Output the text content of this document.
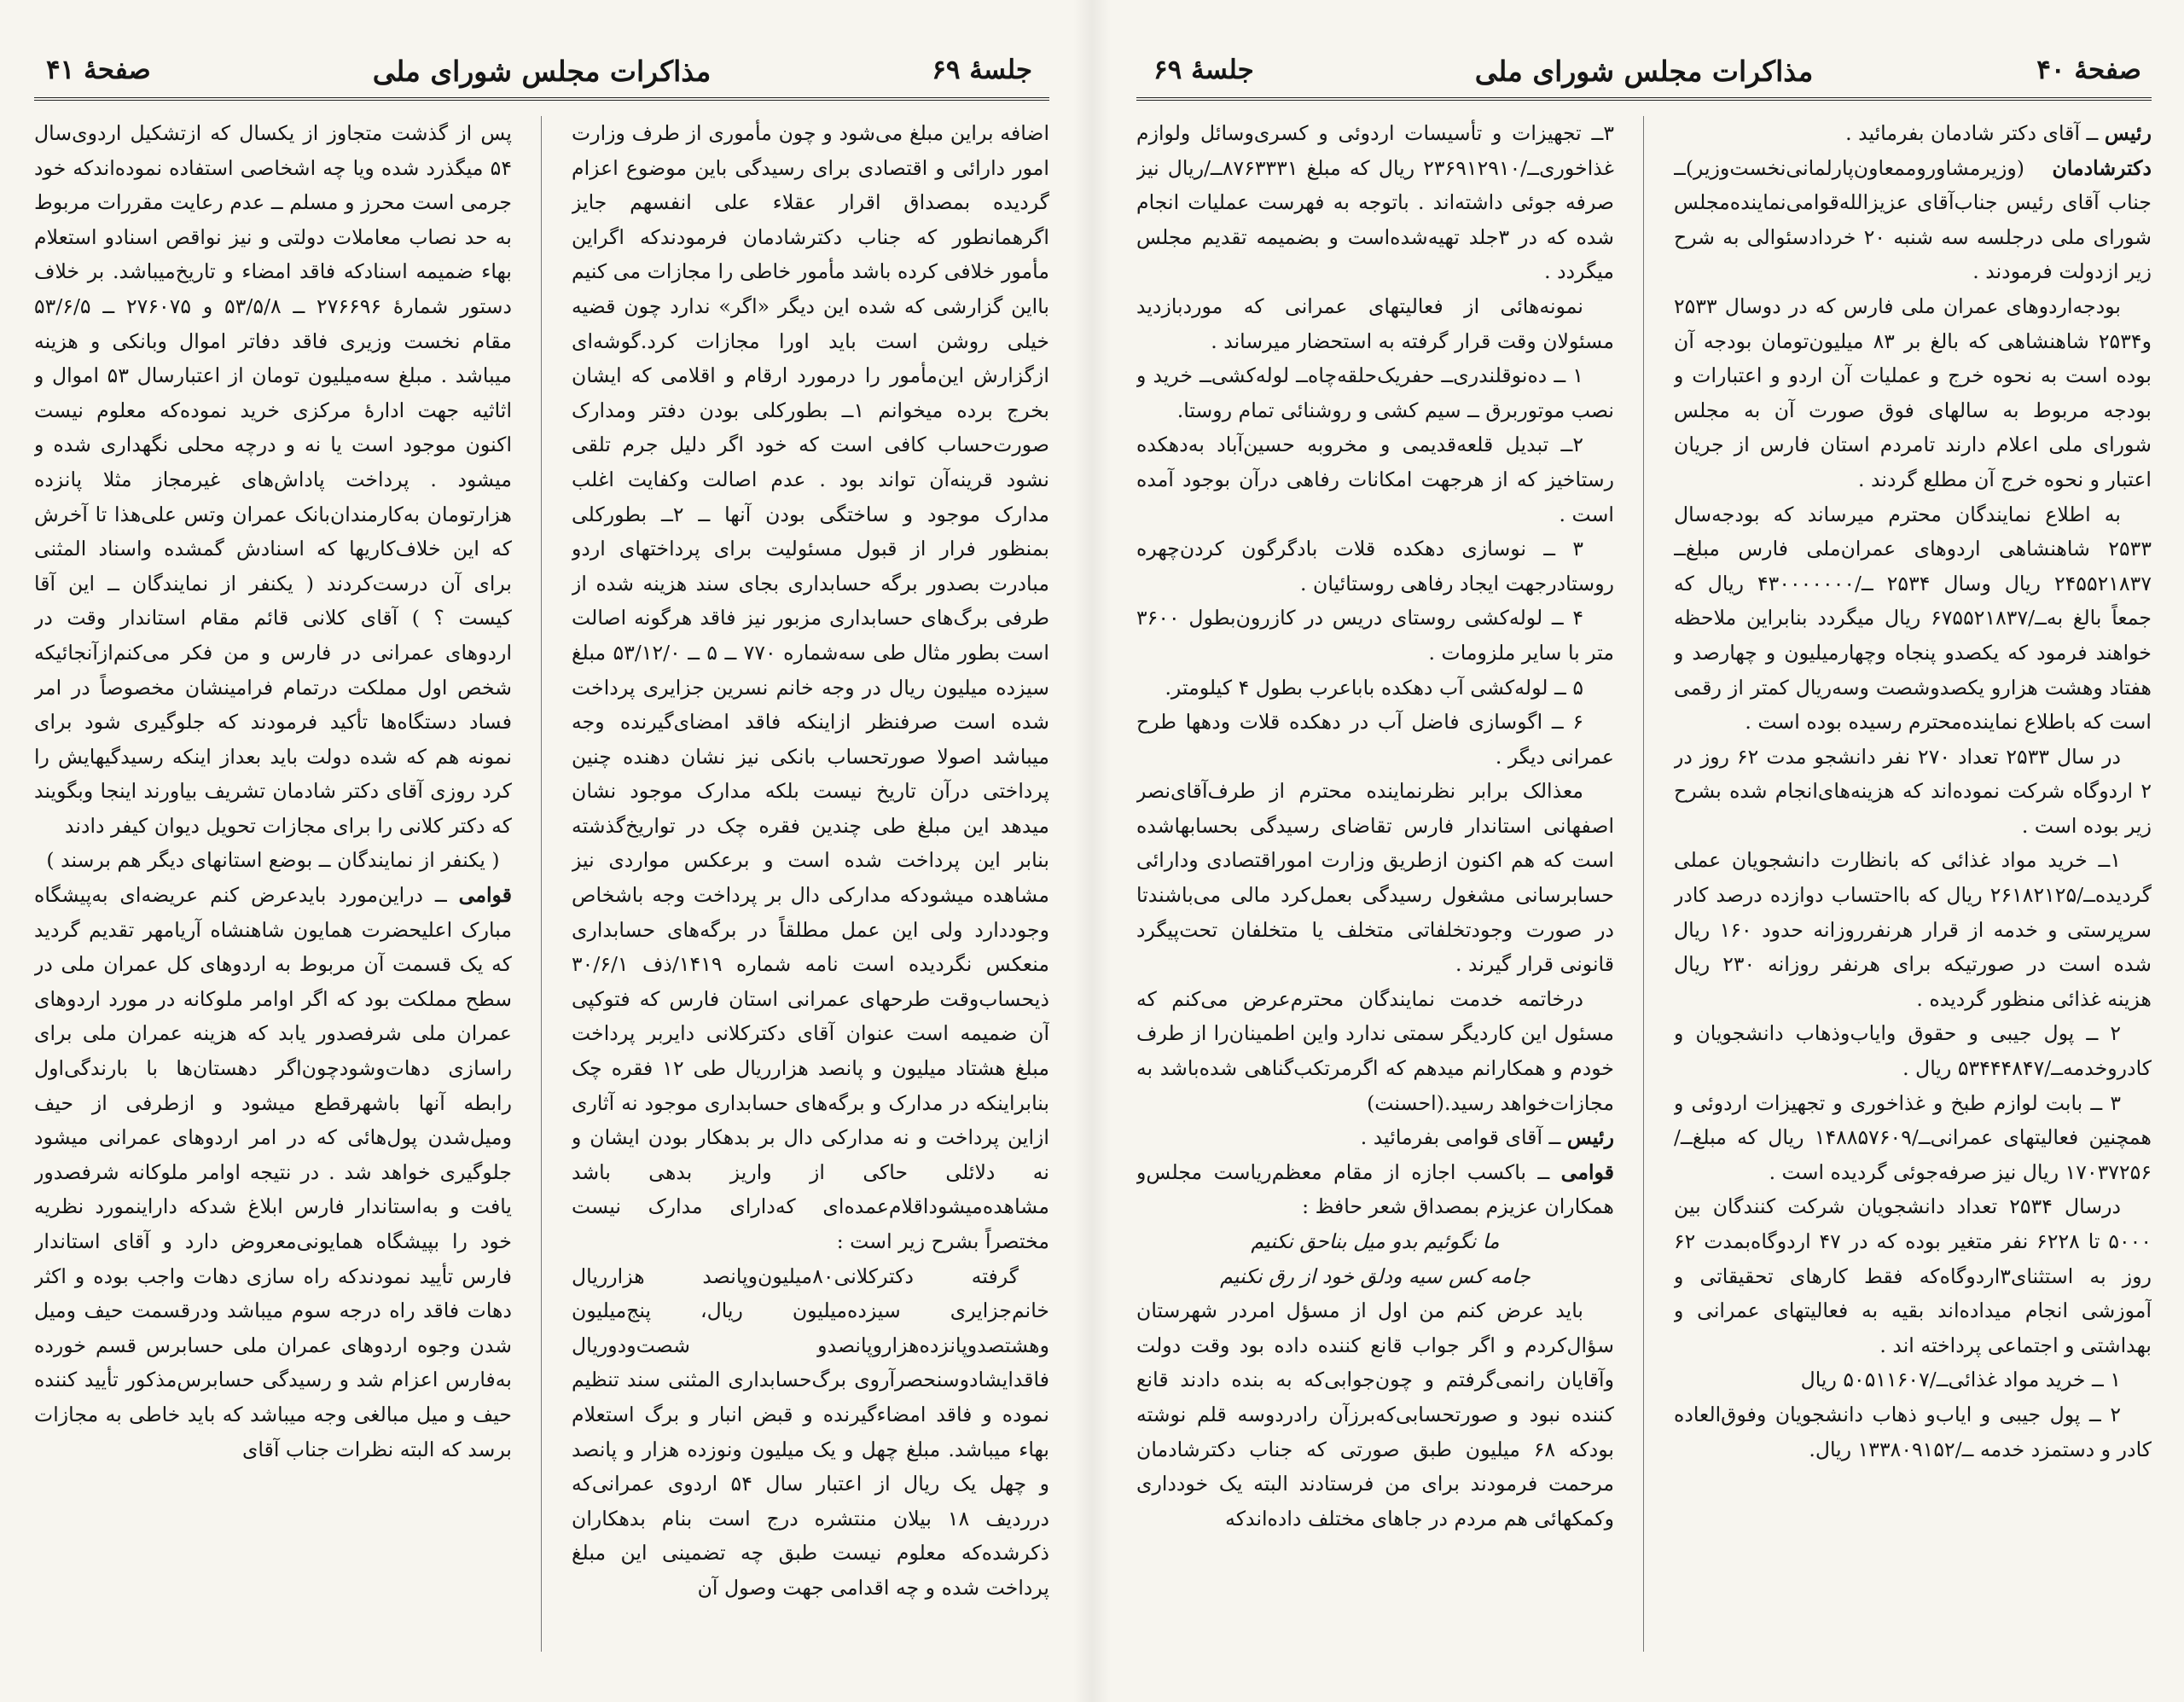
جلسهٔ ۶۹
مذاکرات مجلس شورای ملی
صفحهٔ ۴۱

اضافه براین مبلغ می‌شود و چون مأموری از طرف وزارت امور دارائی و اقتصادی برای رسیدگی باین موضوع اعزام گردیده بمصداق اقرار عقلاء علی انفسهم جایز اگرهمانطور که جناب دکترشادمان فرمودندکه اگراین مأمور خلافی کرده باشد مأمور خاطی را مجازات می کنیم بااین گزارشی که شده این دیگر «اگر» ندارد چون قضیه خیلی روشن است باید اورا مجازات کرد.گوشه‌ای ازگزارش این‌مأمور را درمورد ارقام و اقلامی که ایشان بخرج برده میخوانم ۱ــ بطورکلی بودن دفتر ومدارک صورت‌حساب کافی است که خود اگر دلیل جرم تلقی نشود قرینه‌آن تواند بود . عدم اصالت وکفایت اغلب مدارک موجود و ساختگی بودن آنها ــ ۲ــ بطورکلی بمنظور فرار از قبول مسئولیت برای پرداختهای اردو مبادرت بصدور برگه حسابداری بجای سند هزینه شده از طرفی برگ‌های حسابداری مزبور نیز فاقد هرگونه اصالت است بطور مثال طی سه‌شماره ۷۷۰ ــ ۵ ــ ۵۳/۱۲/۰ مبلغ سیزده میلیون ریال در وجه خانم نسرین جزایری پرداخت شده است صرفنظر ازاینکه فاقد امضای‌گیرنده وجه میباشد اصولا صورتحساب بانکی نیز نشان دهنده چنین پرداختی درآن تاریخ نیست بلکه مدارک موجود نشان میدهد این مبلغ طی چندین فقره چک در تواریخ‌گذشته بنابر این پرداخت شده است و برعکس مواردی نیز مشاهده میشودکه مدارکی دال بر پرداخت وجه باشخاص وجوددارد ولی این عمل مطلقاً در برگه‌های حسابداری منعکس نگردیده است نامه شماره ۱۴۱۹/ذف ۳۰/۶/۱ ذیحساب‌وقت طرحهای عمرانی استان فارس که فتوکپی آن ضمیمه است عنوان آقای دکترکلانی دایربر پرداخت مبلغ هشتاد میلیون و پانصد هزارریال طی ۱۲ فقره چک بنابراینکه در مدارک و برگه‌های حسابداری موجود نه آثاری ازاین پرداخت و نه مدارکی دال بر بدهکار بودن ایشان و نه دلائلی حاکی از واریز بدهی باشد مشاهده‌میشود‌اقلام‌عمده‌ای که‌دارای مدارک نیست مختصراً بشرح زیر است :

گرفته دکترکلانی‌۸۰میلیون‌وپانصد هزارریال خانم‌جزایری سیزده‌میلیون ریال، پنج‌میلیون وهشتصدوپانزده‌هزاروپانصدو شصت‌ودوریال فاقدایشادوسنحصرآروی برگ‌حسابداری المثنی سند تنظیم نموده و فاقد امضاء‌گیرنده و قبض انبار و برگ استعلام بهاء میباشد. مبلغ چهل و یک میلیون ونوزده هزار و پانصد و چهل یک ریال از اعتبار سال ۵۴ اردوی عمرانی‌که دررد‌یف ۱۸ بیلان منتشره درج است بنام بدهکاران ذکرشده‌که معلوم نیست طبق چه تضمینی این مبلغ پرداخت شده و چه اقدامی جهت وصول آن

پس از گذشت متجاوز از یکسال که ازتشکیل اردوی‌سال ۵۴ میگذرد شده ویا چه اشخاصی استفاده نموده‌اندکه خود جرمی است محرز و مسلم ــ عدم رعایت مقررات مربوط به حد نصاب معاملات دولتی و نیز نواقص اسنادو استعلام بهاء ضمیمه اسنادکه فاقد امضاء و تاریخ‌میباشد. بر خلاف دستور شمارهٔ ۲۷۶۶۹۶ ــ ۵۳/۵/۸ و ۲۷۶۰۷۵ ــ ۵۳/۶/۵ مقام نخست وزیری فاقد دفاتر اموال وبانکی و هزینه میباشد . مبلغ سه‌میلیون تومان از اعتبارسال ۵۳ اموال و اثاثیه جهت ادارهٔ مرکزی خرید نموده‌که معلوم نیست اکنون موجود است یا نه و درچه محلی نگهداری شده و میشود . پرداخت پاداش‌های غیرمجاز مثلا پانزده هزارتومان به‌کارمندان‌بانک عمران وتس علی‌هذا تا آخرش که این خلاف‌کاریها که اسنادش گمشده واسناد المثنی برای آن درست‌کردند ( یکنفر از نمایندگان ــ این آقا کیست ؟ ) آقای کلانی قائم مقام استاندار وقت در اردوهای عمرانی در فارس و من فکر می‌کنم‌ازآنجائیکه شخص اول مملکت درتمام فرامینشان مخصوصاً در امر فساد دستگاه‌ها تأکید فرمودند که جلوگیری شود برای نمونه هم که شده دولت باید بعداز اینکه رسیدگیهایش را کرد روزی آقای دکتر شادمان تشریف بیاورند اینجا وبگویند که دکتر کلانی را برای مجازات تحویل دیوان کیفر دادند

( یکنفر از نمایندگان ــ بوضع استانهای دیگر هم برسند )

قوامی ــ دراین‌مورد بایدعرض کنم عریضه‌ای به‌پیشگاه مبارک اعلیحضرت همایون شاهنشاه آریامهر تقدیم گردید که یک قسمت آن مربوط به اردوهای کل عمران ملی در سطح مملکت بود که اگر اوامر ملوکانه در مورد اردوهای عمران ملی شرفصدور یابد که هزینه عمران ملی برای راسازی دهات‌وشودچون‌اگر دهستان‌ها با بارندگی‌اول رابطه آنها باشهرقطع میشود و ازطرفی از حیف ومیل‌شدن پول‌هائی که در امر اردوهای عمرانی میشود جلوگیری خواهد شد . در نتیجه اوامر ملوکانه شرفصدور یافت و به‌استاندار فارس ابلاغ شدکه دارا‌ینمورد نظریه خود را بپیشگاه همایونی‌معروض دارد و آقای استاندار فارس تأیید نمودندکه راه سازی دهات واجب بوده و اکثر دهات فاقد راه درجه سوم میباشد ودرقسمت حیف ومیل شدن وجوه اردوهای عمران ملی حسابرس قسم خورده به‌فارس اعزام شد و رسیدگی حسابرس‌مذکور تأیید کننده حیف و میل مبالغی وجه میباشد که باید خاطی به مجازات برسد که البته نظرات جناب آقای

صفحهٔ ۴۰
مذاکرات مجلس شورای ملی
جلسهٔ ۶۹

رئیس ــ آقای دکتر شادمان بفرمائید .

دکترشادمان (وزیرمشاوروممعاون‌پارلمانی‌نخست‌وزیر)ــ جناب آقای رئیس جناب‌آقای عزیزالله‌قوامی‌نماینده‌مجلس شورای ملی درجلسه سه شنبه ۲۰ خردادسئوالی به شرح زیر ازدولت فرمودند .

بودجه‌اردوهای عمران ملی فارس که در دوسال ۲۵۳۳ و۲۵۳۴ شاهنشاهی که بالغ بر ۸۳ میلیون‌تومان بودجه آن بوده است به نحوه خرج و عملیات آن اردو و اعتبارات و بودجه مربوط به سالهای فوق صورت آن به مجلس شورای ملی اعلام دارند تامردم استان فارس از جریان اعتبار و نحوه خرج آن مطلع گردند .

به اطلاع نمایندگان محترم میرساند که بودجه‌سال ۲۵۳۳ شاهنشاهی اردوهای عمران‌ملی فارس مبلغ‌ــ ۲۴۵۵۲۱۸۳۷ ریال وسال ۲۵۳۴ ــ/۴۳۰۰۰۰۰۰۰ ریال که جمعاً بالغ به‌ــ/۶۷۵۵۲۱۸۳۷ ریال میگردد بنابراین ملاحظه خواهند فرمود که یکصدو پنجاه وچهارمیلیون و چهارصد و هفتاد وهشت هزارو یکصدوشصت وسه‌ریال کمتر از رقمی است که باطلاع نماینده‌محترم رسیده بوده است .

در سال ۲۵۳۳ تعداد ۲۷۰ نفر دانشجو مدت ۶۲ روز در ۲ اردوگاه شرکت نموده‌اند که هزینه‌های‌انجام شده بشرح زیر بوده است .

۱ــ خرید مواد غذائی که بانظارت دانشجویان عملی گردیده‌ــ/۲۶۱۸۲۱۲۵ ریال که بااحتساب دوازده درصد کادر سرپرستی و خدمه از قرار هرنفرروزانه حدود ۱۶۰ ریال شده است در صورتیکه برای هرنفر روزانه ۲۳۰ ریال هزینه غذائی منظور گردیده .

۲ ــ پول جیبی و حقوق وایاب‌وذهاب دانشجویان و کادروخدمه‌ــ/۵۳۴۴۴۸۴۷ ریال .

۳ ــ بابت لوازم طبخ و غذاخوری و تجهیزات اردوئی و همچنین فعالیتهای عمرانی‌ــ/۱۴۸۸۵۷۶۰۹ ریال که مبلغ‌ــ/۱۷۰۳۷۲۵۶ ریال نیز صرفه‌جوئی گردیده است .

درسال ۲۵۳۴ تعداد دانشجویان شرکت کنندگان بین ۵۰۰۰ تا ۶۲۲۸ نفر متغیر بوده که در ۴۷ اردوگاه‌بمدت ۶۲ روز به استثنای‌۳اردوگاه‌که فقط کارهای تحقیقاتی و آموزشی انجام میداده‌اند بقیه به فعالیتهای عمرانی و بهداشتی و اجتماعی پرداخته اند .

۱ ــ خرید مواد غذائی‌ــ/۵۰۵۱۱۶۰۷ ریال

۲ ــ پول جیبی و ایاب‌و ذهاب دانشجویان وفوق‌العاده کادر و دستمزد خدمه ــ/۱۳۳۸۰۹۱۵۲ ریال.

۳ــ تجهیزات و تأسیسات اردوئی و کسری‌وسائل ولوازم غذاخوری‌ــ/۲۳۶۹۱۲۹۱۰ ریال که مبلغ ۸۷۶۳۳۳۱‌ــ/ریال نیز صرفه جوئی داشته‌اند . باتوجه به فهرست عملیات انجام شده که در ۳جلد تهیه‌شده‌است و بضمیمه تقدیم مجلس میگردد .

نمونه‌هائی از فعالیتهای عمرانی که موردبازدید مسئولان وقت قرار گرفته به استحضار میرساند .

۱ ــ ده‌نوقلندری‌ــ حفریک‌حلقه‌چاه‌ــ لوله‌کشی‌ــ خرید و نصب موتوربرق ــ سیم کشی و روشنائی تمام روستا.

۲ــ تبدیل قلعه‌قدیمی و مخروبه حسین‌آباد به‌دهکده رستاخیز که از هرجهت امکانات رفاهی درآن بوجود آمده است .

۳ ــ نوسازی دهکده قلات باد‌گرگون کردن‌چهره روستادرجهت ایجاد رفاهی روستائیان .

۴ ــ لوله‌کشی روستای دریس در کازرون‌بطول ۳۶۰۰ متر با سایر ملزومات .

۵ ــ لوله‌کشی آب دهکده باباعرب بطول ۴ کیلومتر.

۶ ــ اگوسازی فاضل آب در دهکده قلات ودهها طرح عمرانی دیگر .

معذالک برابر نظرنماینده محترم از طرف‌آقای‌نصر اصفهانی استاندار فارس تقاضای رسیدگی بحسابهاشده است که هم اکنون ازطریق وزارت اموراقتصادی ودارائی حسابرسانی مشغول رسیدگی بعمل‌کرد مالی می‌باشندتا در صورت وجودتخلفاتی متخلف یا متخلفان تحت‌پیگرد قانونی قرار گیرند .

درخاتمه خدمت نمایندگان محترم‌عرض می‌کنم که مسئول این کاردیگر سمتی ندارد واین اطمینان‌را از طرف خودم و همکارانم میدهم که اگرمرتکب‌گناهی شده‌باشد به مجازات‌خواهد رسید.(احسنت)

رئیس ــ آقای قوامی بفرمائید .

قوامی ــ باکسب اجازه از مقام معظم‌ریاست مجلس‌و همکاران عزیزم بمصداق شعر حافظ :

ما نگوئیم بدو میل بناحق نکنیم

جامه کس سیه ودلق خود از رق نکنیم

باید عرض کنم من اول از مسؤل امردر شهرستان سؤال‌کردم و اگر جواب قانع کننده داده بود وقت دولت وآقایان رانمی‌گرفتم و چون‌جوابی‌که به بنده دادند قانع کننده نبود و صورتحسابی‌که‌برزآن رادردوسه قلم نوشته بود‌که ۶۸ میلیون طبق صورتی که جناب دکترشادمان مرحمت فرمودند برای من فرستادند البته یک خودداری وکمکهائی هم مردم در جاهای مختلف داده‌اند‌که
